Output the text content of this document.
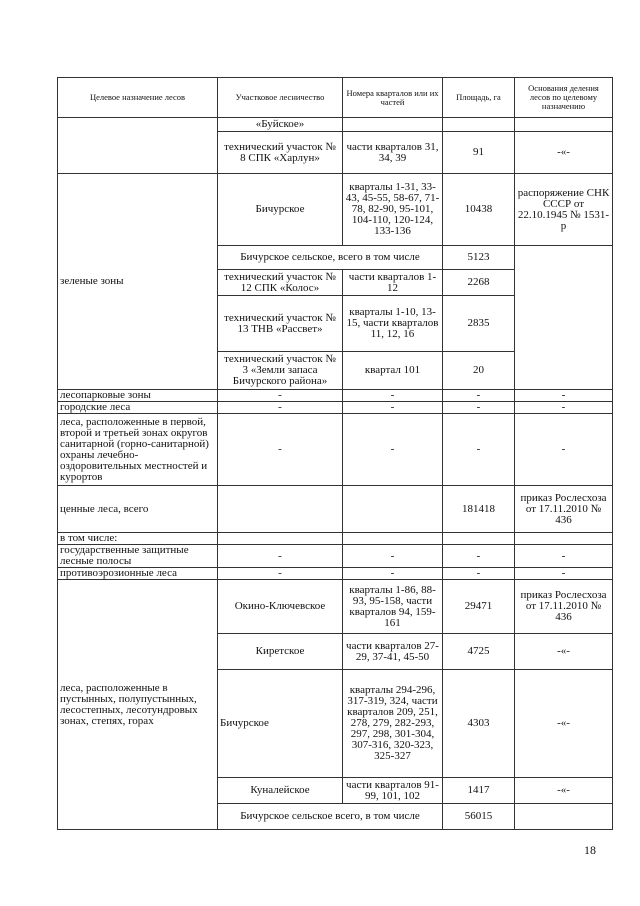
Целевое назначение лесов	Участковое лесничество	Номера кварталов или их частей	Площадь, га	Основания деления лесов по целевому назначению
	«Буйское»			
	технический участок № 8 СПК «Харлун»	части кварталов 31, 34, 39	91	-«-
зеленые зоны	Бичурское	кварталы 1-31, 33-43, 45-55, 58-67, 71-78, 82-90, 95-101, 104-110, 120-124, 133-136	10438	распоряжение СНК СССР от 22.10.1945 № 1531-р
	Бичурское сельское, всего в том числе		5123	
	технический участок № 12 СПК «Колос»	части кварталов 1-12	2268	
	технический участок № 13 ТНВ «Рассвет»	кварталы 1-10, 13-15, части кварталов 11, 12, 16	2835	
	технический участок № 3 «Земли запаса Бичурского района»	квартал 101	20	
лесопарковые зоны	-	-	-	-
городские леса	-	-	-	-
леса, расположенные в первой, второй и третьей зонах округов санитарной (горно-санитарной) охраны лечебно-оздоровительных местностей и курортов	-	-	-	-
ценные леса, всего			181418	приказ Рослесхоза от 17.11.2010 № 436
в том числе:				
государственные защитные лесные полосы	-	-	-	-
противоэрозионные леса	-	-	-	-
леса, расположенные в пустынных, полупустынных, лесостепных, лесотундровых зонах, степях, горах	Окино-Ключевское	кварталы 1-86, 88-93, 95-158, части кварталов 94, 159-161	29471	приказ Рослесхоза от 17.11.2010 № 436
	Киретское	части кварталов 27-29, 37-41, 45-50	4725	-«-
	Бичурское	кварталы 294-296, 317-319, 324, части кварталов 209, 251, 278, 279, 282-293, 297, 298, 301-304, 307-316, 320-323, 325-327	4303	-«-
	Куналейское	части кварталов 91-99, 101, 102	1417	-«-
	Бичурское сельское всего, в том числе		56015	
18
